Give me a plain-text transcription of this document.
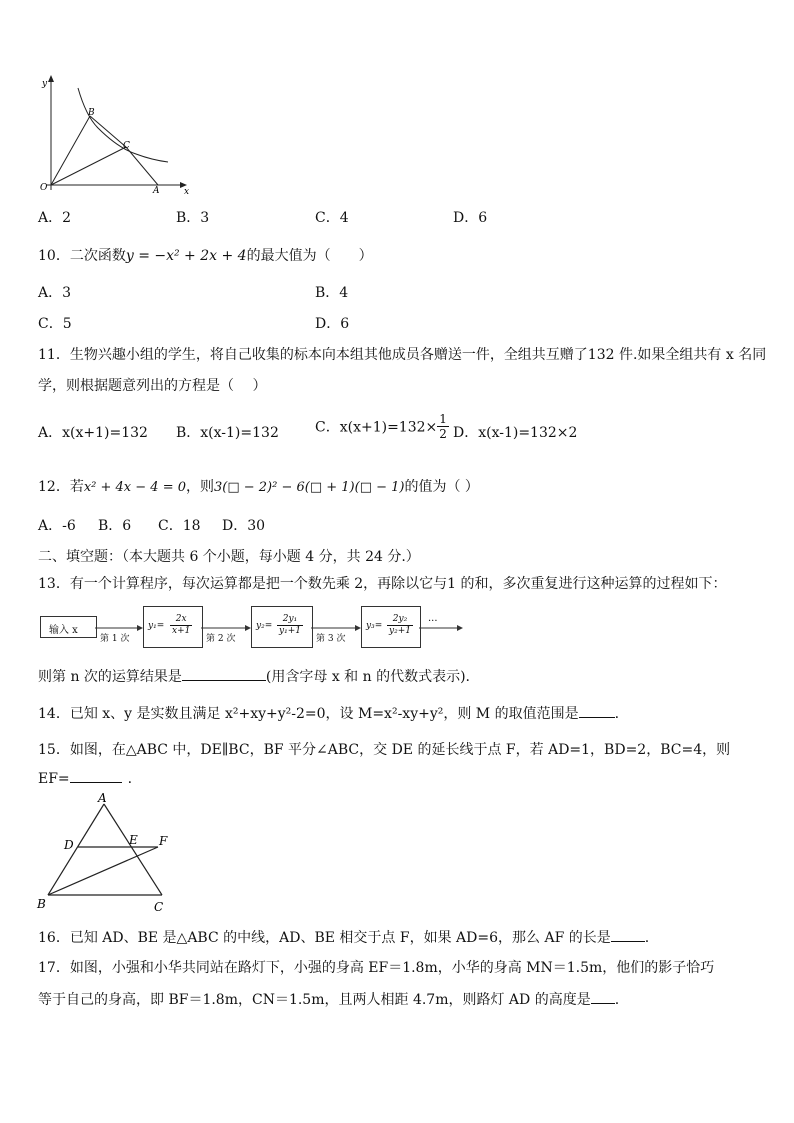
y
x
O	A
B
C
A．2	B．3	C．4	D．6
10．二次函数y = −x² + 2x + 4的最大值为（　　）
A．3	B．4
C．5	D．6
11．生物兴趣小组的学生，将自己收集的标本向本组其他成员各赠送一件，全组共互赠了132 件.如果全组共有 x 名同
学，则根据题意列出的方程是（　 ）
A．x(x+1)=132 B．x(x-1)=132	C．$x(x+1)=132\times \frac{1}{2}$ D．x(x-1)=132×2
12．若x² + 4x − 4 = 0，则3(□ − 2)² − 6(□ + 1)(□ − 1)的值为（ ）
A．-6 B．6 C．18 D．30
二、填空题：（本大题共 6 个小题，每小题 4 分，共 24 分.）
13．有一个计算程序，每次运算都是把一个数先乘 2，再除以它与1 的和，多次重复进行这种运算的过程如下：
输入 x
第 1 次
$y_1= \frac{2x}{x+1}$
第 2 次
$y_2= \frac{\text{2y₁}}{\text{y₁+1}}$
第 3 次
$y_3= \frac{\text{2y₂}}{\text{y₂+1}}$ ···
则第 n 次的运算结果是	(用含字母 x 和 n 的代数式表示).
14．已知 x、y 是实数且满足 x²+xy+y²-2=0，设 M=x²-xy+y²，则 M 的取值范围是	.
15．如图，在△ABC 中，DE∥BC，BF 平分∠ABC，交 DE 的延长线于点 F，若 AD=1，BD=2，BC=4，则
EF=	.
A
D	E F
B	C
16．已知 AD、BE 是△ABC 的中线，AD、BE 相交于点 F，如果 AD=6，那么 AF 的长是 .
17．如图，小强和小华共同站在路灯下，小强的身高 EF＝1.8m，小华的身高 MN＝1.5m，他们的影子恰巧
等于自己的身高，即 BF＝1.8m，CN＝1.5m，且两人相距 4.7m，则路灯 AD 的高度是 .
